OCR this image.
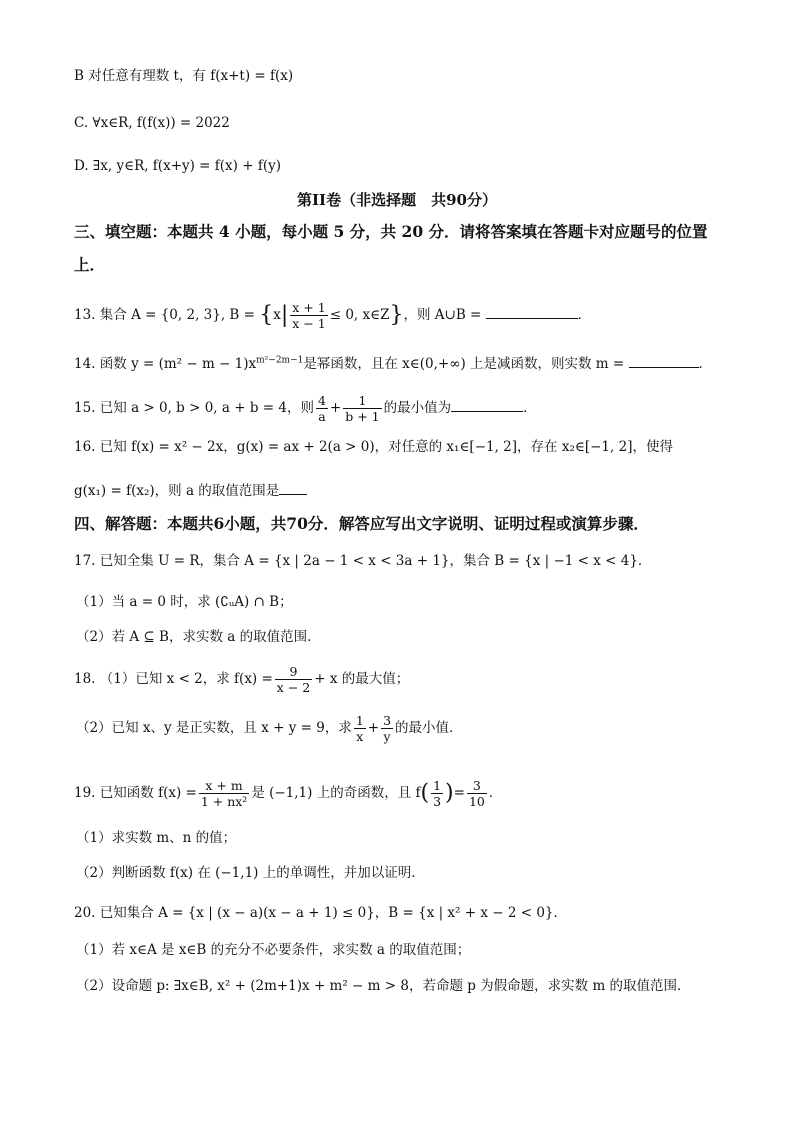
B 对任意有理数 t，有 f(x+t) = f(x)
C. ∀x∈R, f(f(x)) = 2022
D. ∃x, y∈R, f(x+y) = f(x) + f(y)
第II卷（非选择题　共90分）
三、填空题：本题共 4 小题，每小题 5 分，共 20 分．请将答案填在答题卡对应题号的位置
上．
13. 集合 A = {0, 2, 3}, $B = \{x| \frac{x + 1}{x - 1} \le 0$, x∈Z}，则 A∪B =	．
14. 函数 $y = (m^2 - m - 1)x^{m^2-2m-1}$是幂函数，且在 x∈(0,+∞) 上是减函数，则实数 m =	．
15. 已知 a > 0, b > 0, a + b = 4，则 $\frac{4}{a} + \frac{1}{b + 1}$ 的最小值为	．
16. 已知 f(x) = x² − 2x，g(x) = ax + 2(a > 0)，对任意的 x₁∈[−1, 2]，存在 x₂∈[−1, 2]，使得
g(x₁) = f(x₂)，则 a 的取值范围是
四、解答题：本题共6小题，共70分．解答应写出文字说明、证明过程或演算步骤．
17. 已知全集 U = R，集合 A = {x | 2a − 1 < x < 3a + 1}，集合 B = {x | −1 < x < 4}．
（1）当 a = 0 时，求 (∁ᵤA) ∩ B；
（2）若 A ⊆ B，求实数 a 的取值范围．
18. （1）已知 x < 2，求 $f(x) = \frac{9}{x - 2} + x$ 的最大值；
（2）已知 x、y 是正实数，且 x + y = 9，求 $\frac{1}{x} + \frac{3}{y}$ 的最小值．
19. 已知函数 $f(x) = \frac{x + m}{\text{1 + nx²}}$ 是 (−1,1) 上的奇函数，且 $f( \frac{1}{3}$ )= $\frac{3}{10}$ ．
（1）求实数 m、n 的值；
（2）判断函数 f(x) 在 (−1,1) 上的单调性，并加以证明．
20. 已知集合 A = {x | (x − a)(x − a + 1) ≤ 0}，B = {x | x² + x − 2 < 0}．
（1）若 x∈A 是 x∈B 的充分不必要条件，求实数 a 的取值范围；
（2）设命题 p: ∃x∈B, x² + (2m+1)x + m² − m > 8，若命题 p 为假命题，求实数 m 的取值范围．
